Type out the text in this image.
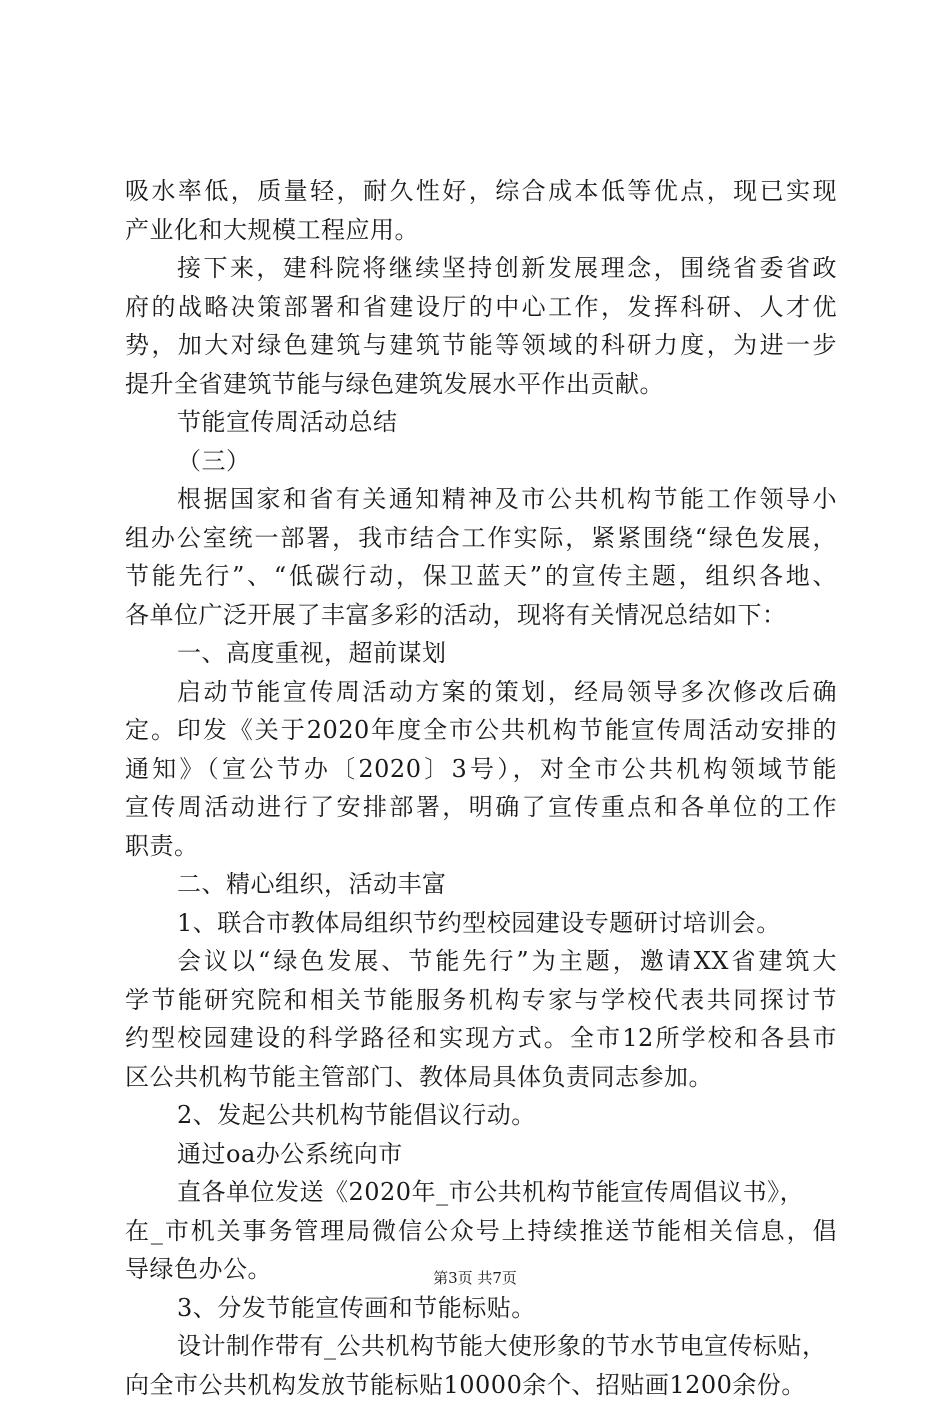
吸水率低，质量轻，耐久性好，综合成本低等优点，现已实现
产业化和大规模工程应用。
接下来，建科院将继续坚持创新发展理念，围绕省委省政
府的战略决策部署和省建设厅的中心工作，发挥科研、人才优
势，加大对绿色建筑与建筑节能等领域的科研力度，为进一步
提升全省建筑节能与绿色建筑发展水平作出贡献。
节能宣传周活动总结
（三）
根据国家和省有关通知精神及市公共机构节能工作领导小
组办公室统一部署，我市结合工作实际，紧紧围绕“绿色发展，
节能先行”、“低碳行动，保卫蓝天”的宣传主题，组织各地、
各单位广泛开展了丰富多彩的活动，现将有关情况总结如下：
一、高度重视，超前谋划
启动节能宣传周活动方案的策划，经局领导多次修改后确
定。印发《关于2020年度全市公共机构节能宣传周活动安排的
通知》（宣公节办〔2020〕3号），对全市公共机构领域节能
宣传周活动进行了安排部署，明确了宣传重点和各单位的工作
职责。
二、精心组织，活动丰富
1、联合市教体局组织节约型校园建设专题研讨培训会。
会议以“绿色发展、节能先行”为主题，邀请XX省建筑大
学节能研究院和相关节能服务机构专家与学校代表共同探讨节
约型校园建设的科学路径和实现方式。全市12所学校和各县市
区公共机构节能主管部门、教体局具体负责同志参加。
2、发起公共机构节能倡议行动。
通过oa办公系统向市
直各单位发送《2020年_市公共机构节能宣传周倡议书》，
在_市机关事务管理局微信公众号上持续推送节能相关信息，倡
导绿色办公。
3、分发节能宣传画和节能标贴。
设计制作带有_公共机构节能大使形象的节水节电宣传标贴，
向全市公共机构发放节能标贴10000余个、招贴画1200余份。
第3页 共7页
